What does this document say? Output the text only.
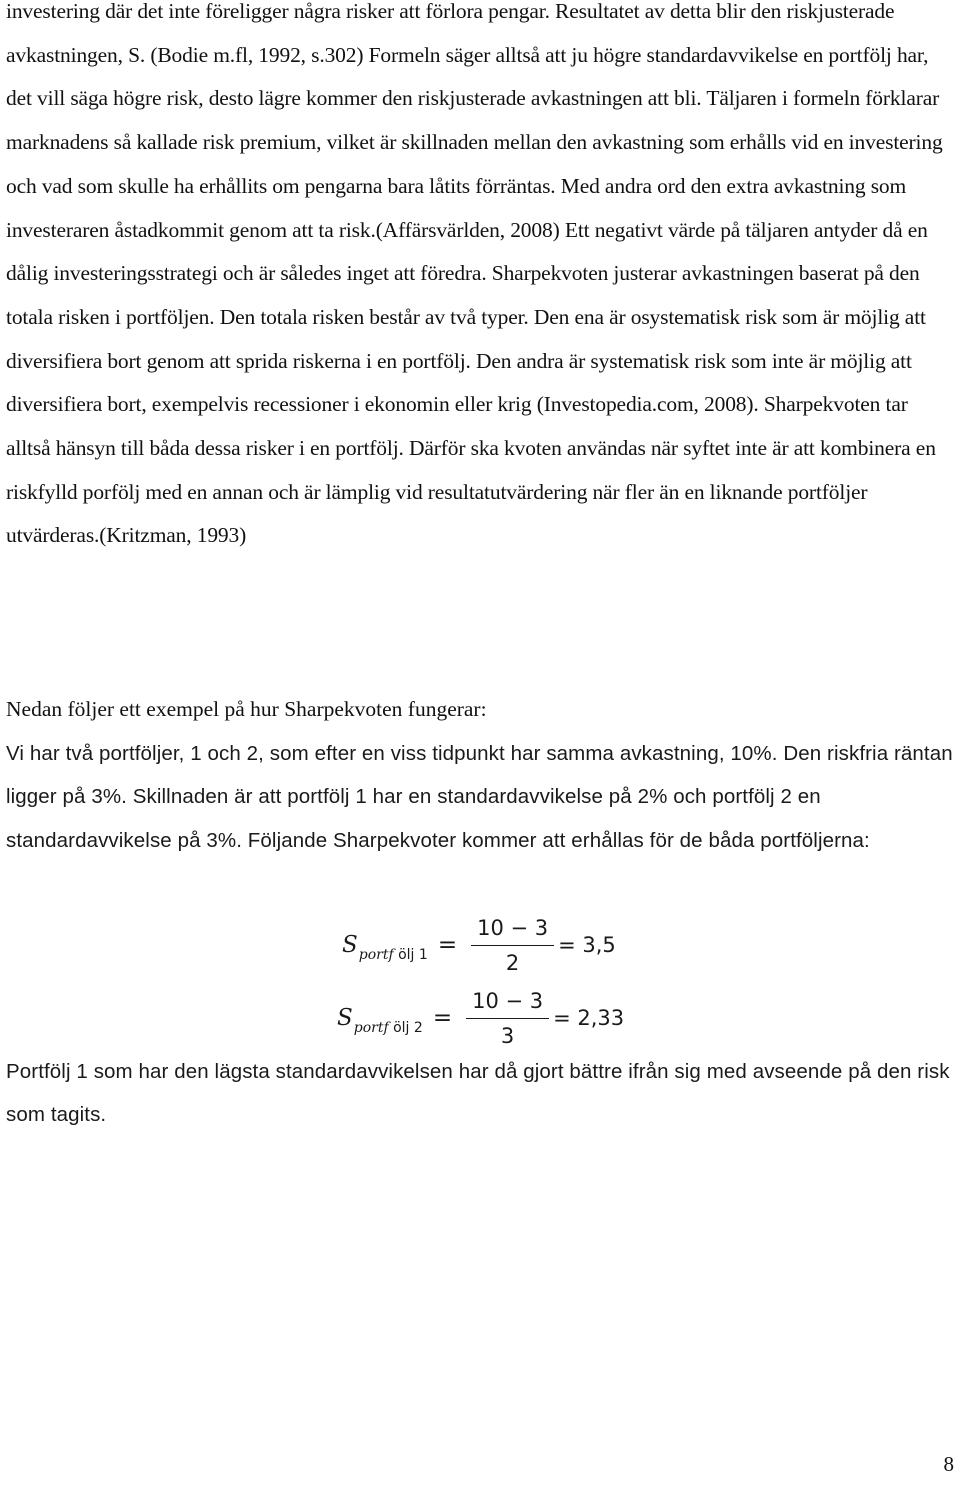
investering där det inte föreligger några risker att förlora pengar. Resultatet av detta blir den riskjusterade avkastningen, S. (Bodie m.fl, 1992, s.302) Formeln säger alltså att ju högre standardavvikelse en portfölj har, det vill säga högre risk, desto lägre kommer den riskjusterade avkastningen att bli. Täljaren i formeln förklarar marknadens så kallade risk premium, vilket är skillnaden mellan den avkastning som erhålls vid en investering och vad som skulle ha erhållits om pengarna bara låtits förräntas. Med andra ord den extra avkastning som investeraren åstadkommit genom att ta risk.(Affärsvärlden, 2008) Ett negativt värde på täljaren antyder då en dålig investeringsstrategi och är således inget att föredra. Sharpekvoten justerar avkastningen baserat på den totala risken i portföljen. Den totala risken består av två typer. Den ena är osystematisk risk som är möjlig att diversifiera bort genom att sprida riskerna i en portfölj. Den andra är systematisk risk som inte är möjlig att diversifiera bort, exempelvis recessioner i ekonomin eller krig (Investopedia.com, 2008). Sharpekvoten tar alltså hänsyn till båda dessa risker i en portfölj. Därför ska kvoten användas när syftet inte är att kombinera en riskfylld porfölj med en annan och är lämplig vid resultatutvärdering när fler än en liknande portföljer utvärderas.(Kritzman, 1993)

Nedan följer ett exempel på hur Sharpekvoten fungerar:

Vi har två portföljer, 1 och 2, som efter en viss tidpunkt har samma avkastning, 10%. Den riskfria räntan ligger på 3%. Skillnaden är att portfölj 1 har en standardavvikelse på 2% och portfölj 2 en standardavvikelse på 3%. Följande Sharpekvoter kommer att erhållas för de båda portföljerna:

S portf ölj $1 = \frac{10 - 3}{2} = 3,5$
S portf ölj $2 = \frac{10 - 3}{3} = 2,33$

Portfölj 1 som har den lägsta standardavvikelsen har då gjort bättre ifrån sig med avseende på den risk som tagits.

8
